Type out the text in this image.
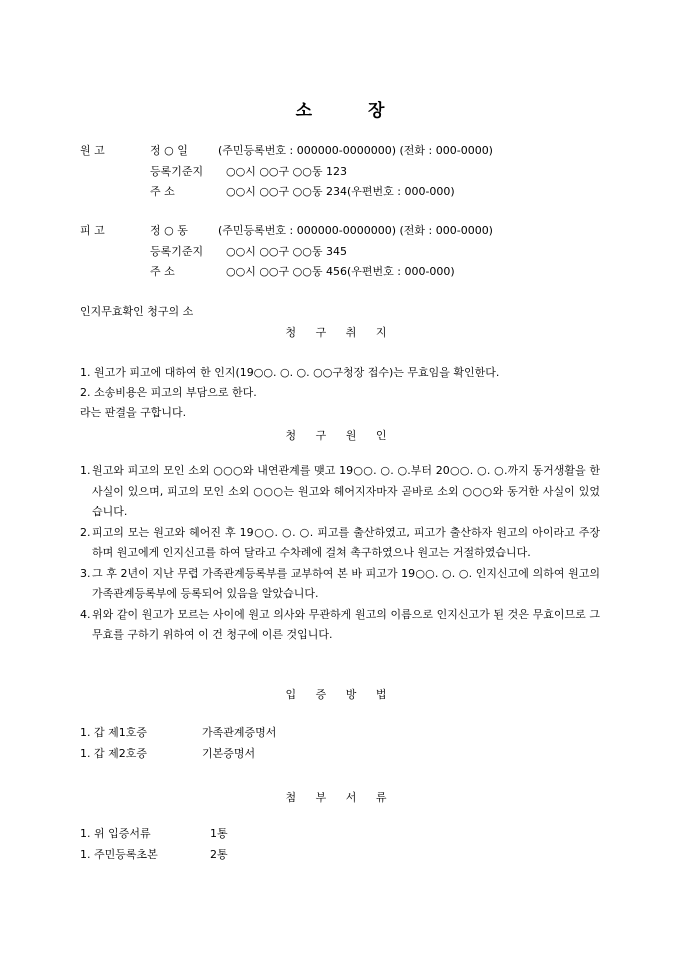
소	장
원 고	정 ○ 일	(주민등록번호 : 000000-0000000) (전화 : 000-0000)
등록기준지 ○○시 ○○구 ○○동 123
주 소	○○시 ○○구 ○○동 234(우편번호 : 000-000)
피 고	정 ○ 동	(주민등록번호 : 000000-0000000) (전화 : 000-0000)
등록기준지 ○○시 ○○구 ○○동 345
주 소	○○시 ○○구 ○○동 456(우편번호 : 000-000)
인지무효확인 청구의 소
청 구 취 지
1. 원고가 피고에 대하여 한 인지(19○○. ○. ○. ○○구청장 접수)는 무효임을 확인한다.
2. 소송비용은 피고의 부담으로 한다.
라는 판결을 구합니다.
청 구 원 인
1. 원고와 피고의 모인 소외 ○○○와 내연관계를 맺고 19○○. ○. ○.부터 20○○. ○. ○.까지 동거생활을 한 사실이 있으며, 피고의 모인 소외 ○○○는 원고와 헤어지자마자 곧바로 소외 ○○○와 동거한 사실이 있었습니다.
2. 피고의 모는 원고와 헤어진 후 19○○. ○. ○. 피고를 출산하였고, 피고가 출산하자 원고의 아이라고 주장하며 원고에게 인지신고를 하여 달라고 수차례에 걸쳐 촉구하였으나 원고는 거절하였습니다.
3. 그 후 2년이 지난 무렵 가족관계등록부를 교부하여 본 바 피고가 19○○. ○. ○. 인지신고에 의하여 원고의 가족관계등록부에 등록되어 있음을 알았습니다.
4. 위와 같이 원고가 모르는 사이에 원고 의사와 무관하게 원고의 이름으로 인지신고가 된 것은 무효이므로 그 무효를 구하기 위하여 이 건 청구에 이른 것입니다.
입 증 방 법
1. 갑 제1호증	가족관계증명서
1. 갑 제2호증	기본증명서
첨 부 서 류
1. 위 입증서류	1통
1. 주민등록초본	2통
